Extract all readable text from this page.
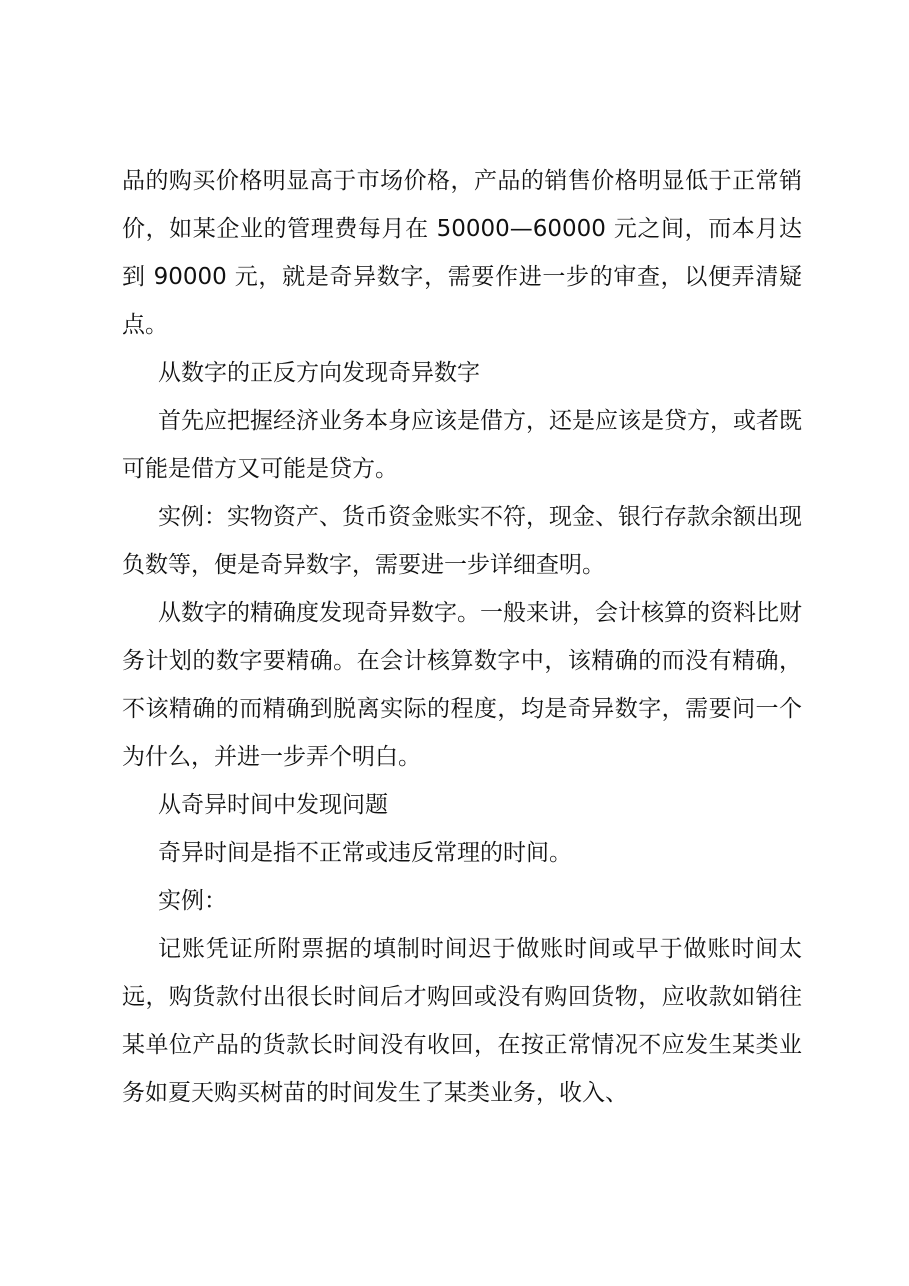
品的购买价格明显高于市场价格，产品的销售价格明显低于正常销价，如某企业的管理费每月在 50000—60000 元之间，而本月达到 90000 元，就是奇异数字，需要作进一步的审查，以便弄清疑点。

从数字的正反方向发现奇异数字

首先应把握经济业务本身应该是借方，还是应该是贷方，或者既可能是借方又可能是贷方。

实例：实物资产、货币资金账实不符，现金、银行存款余额出现负数等，便是奇异数字，需要进一步详细查明。

从数字的精确度发现奇异数字。一般来讲，会计核算的资料比财务计划的数字要精确。在会计核算数字中，该精确的而没有精确，不该精确的而精确到脱离实际的程度，均是奇异数字，需要问一个为什么，并进一步弄个明白。

从奇异时间中发现问题

奇异时间是指不正常或违反常理的时间。

实例：

记账凭证所附票据的填制时间迟于做账时间或早于做账时间太远，购货款付出很长时间后才购回或没有购回货物，应收款如销往某单位产品的货款长时间没有收回，在按正常情况不应发生某类业务如夏天购买树苗的时间发生了某类业务，收入、
